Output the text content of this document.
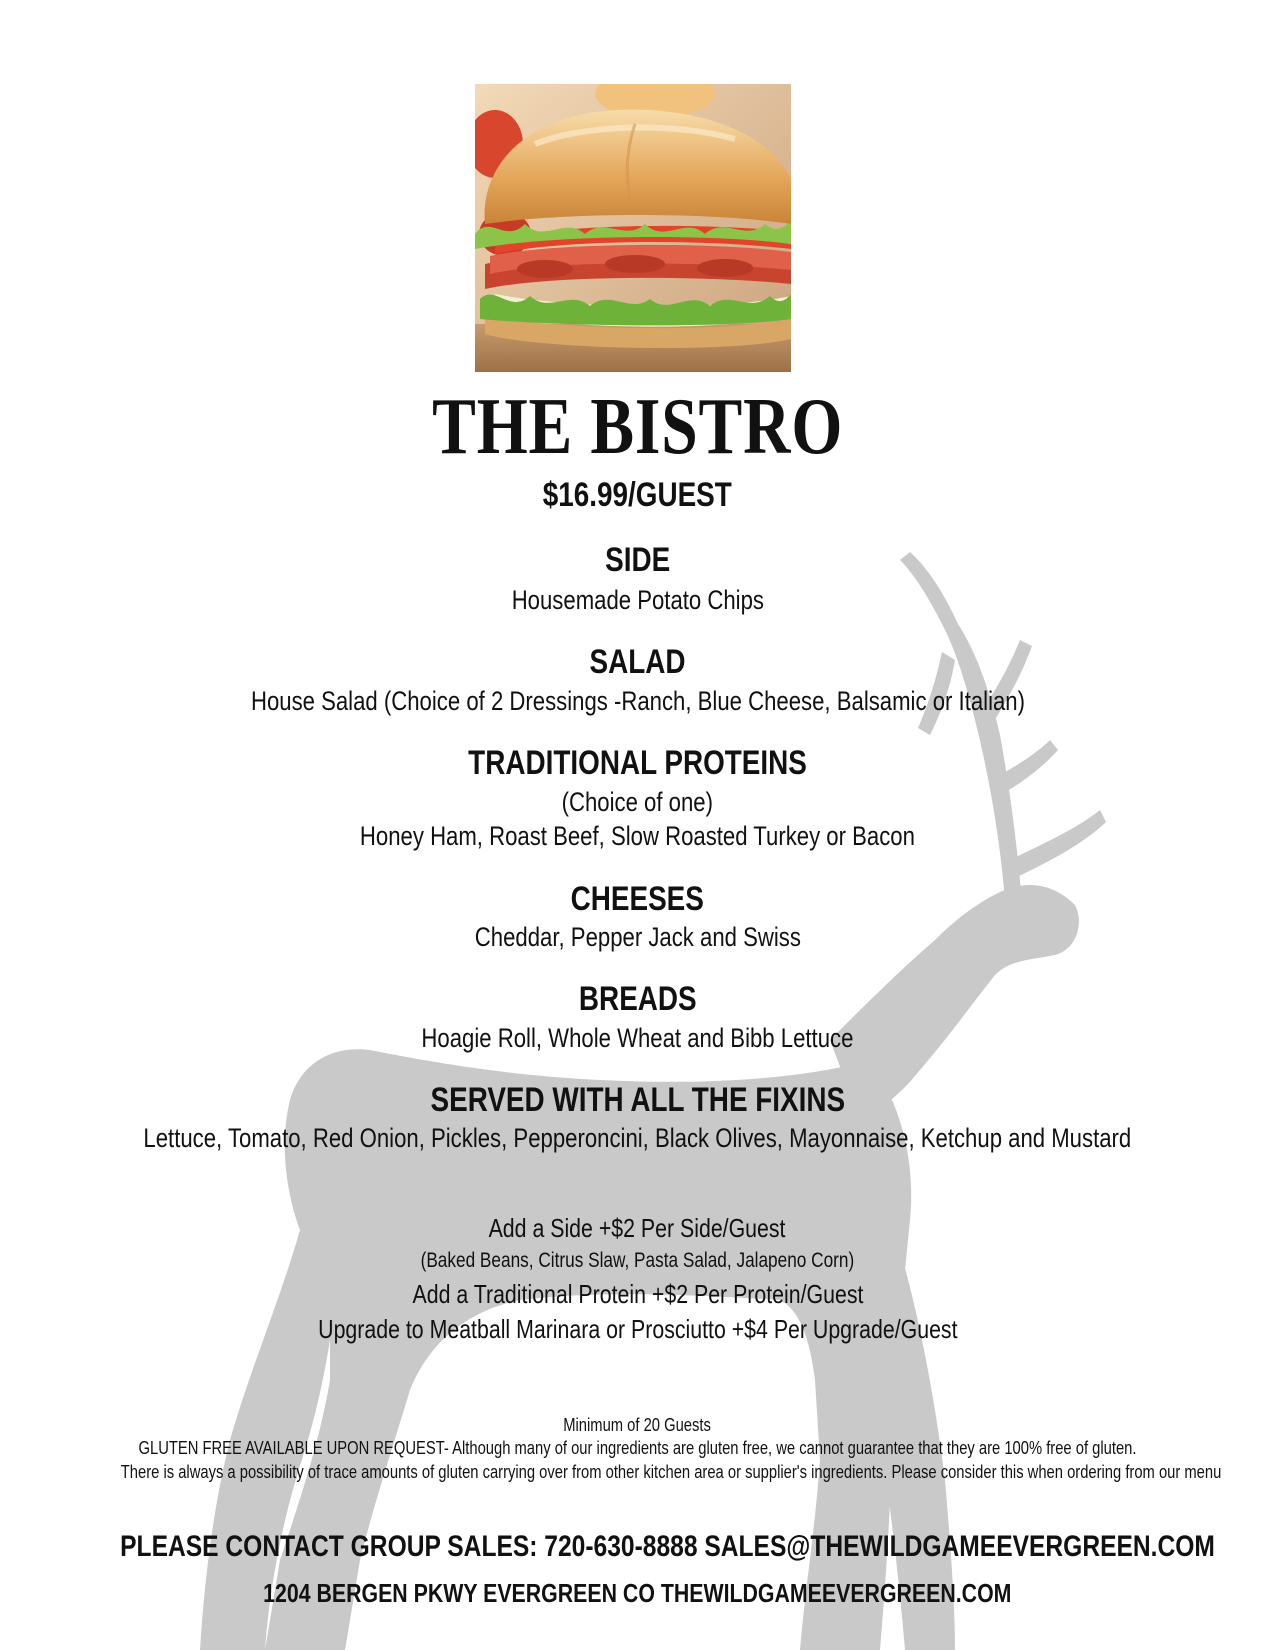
THE BISTRO
$16.99/GUEST
SIDE
Housemade Potato Chips
SALAD
House Salad (Choice of 2 Dressings -Ranch, Blue Cheese, Balsamic or Italian)
TRADITIONAL PROTEINS
(Choice of one)
Honey Ham, Roast Beef, Slow Roasted Turkey or Bacon
CHEESES
Cheddar, Pepper Jack and Swiss
BREADS
Hoagie Roll, Whole Wheat and Bibb Lettuce
SERVED WITH ALL THE FIXINS
Lettuce, Tomato, Red Onion, Pickles, Pepperoncini, Black Olives, Mayonnaise, Ketchup and Mustard
Add a Side +$2 Per Side/Guest
(Baked Beans, Citrus Slaw, Pasta Salad, Jalapeno Corn)
Add a Traditional Protein +$2 Per Protein/Guest
Upgrade to Meatball Marinara or Prosciutto +$4 Per Upgrade/Guest
Minimum of 20 Guests
GLUTEN FREE AVAILABLE UPON REQUEST- Although many of our ingredients are gluten free, we cannot guarantee that they are 100% free of gluten.
There is always a possibility of trace amounts of gluten carrying over from other kitchen area or supplier's ingredients. Please consider this when ordering from our menu
PLEASE CONTACT GROUP SALES: 720-630-8888 SALES@THEWILDGAMEEVERGREEN.COM
1204 BERGEN PKWY EVERGREEN CO THEWILDGAMEEVERGREEN.COM
